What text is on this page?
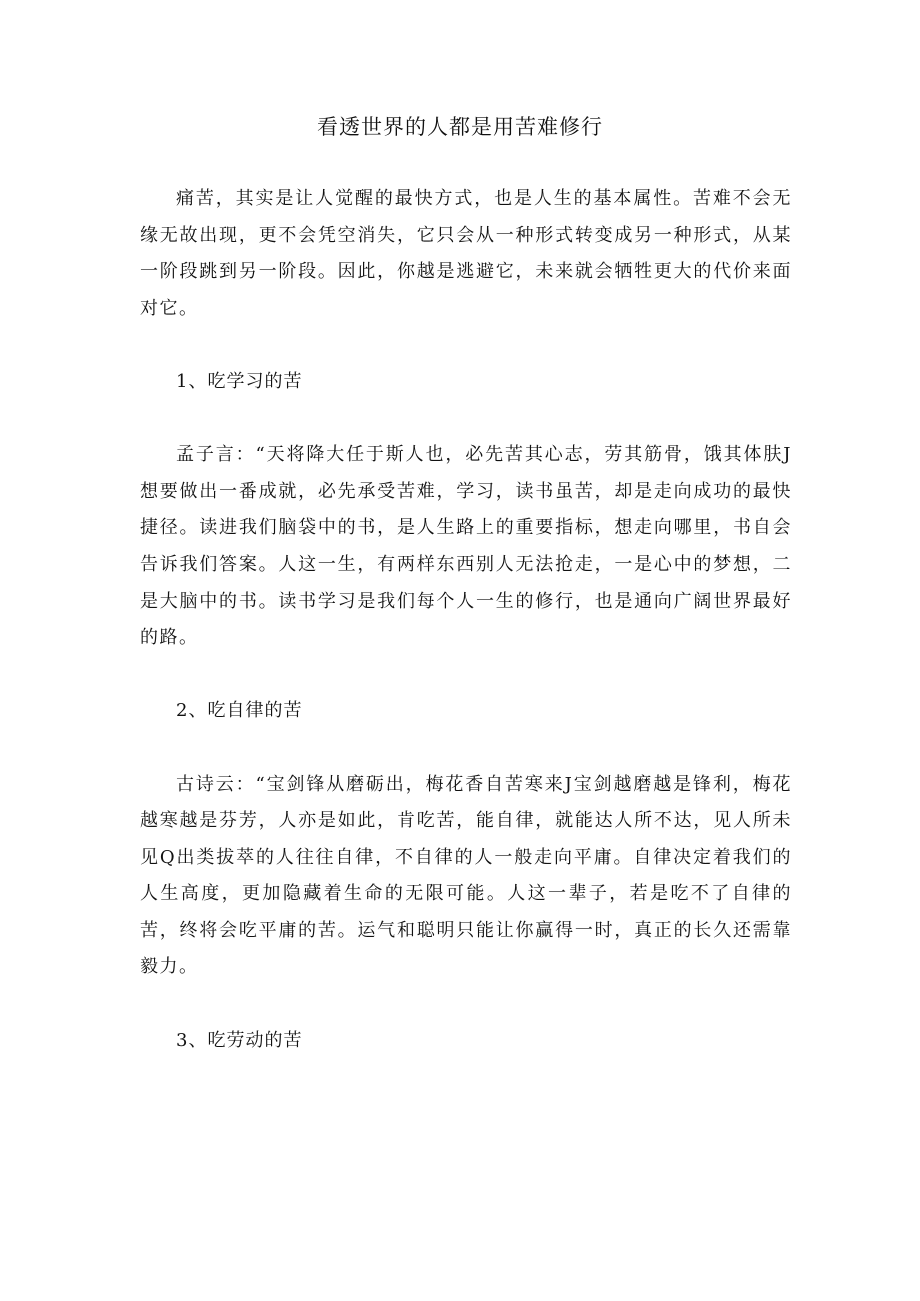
看透世界的人都是用苦难修行

痛苦，其实是让人觉醒的最快方式，也是人生的基本属性。苦难不会无缘无故出现，更不会凭空消失，它只会从一种形式转变成另一种形式，从某一阶段跳到另一阶段。因此，你越是逃避它，未来就会牺牲更大的代价来面对它。

1、吃学习的苦

孟子言：“天将降大任于斯人也，必先苦其心志，劳其筋骨，饿其体肤J想要做出一番成就，必先承受苦难，学习，读书虽苦，却是走向成功的最快捷径。读进我们脑袋中的书，是人生路上的重要指标，想走向哪里，书自会告诉我们答案。人这一生，有两样东西别人无法抢走，一是心中的梦想，二是大脑中的书。读书学习是我们每个人一生的修行，也是通向广阔世界最好的路。

2、吃自律的苦

古诗云：“宝剑锋从磨砺出，梅花香自苦寒来J宝剑越磨越是锋利，梅花越寒越是芬芳，人亦是如此，肯吃苦，能自律，就能达人所不达，见人所未见Q出类拔萃的人往往自律，不自律的人一般走向平庸。自律决定着我们的人生高度，更加隐藏着生命的无限可能。人这一辈子，若是吃不了自律的苦，终将会吃平庸的苦。运气和聪明只能让你赢得一时，真正的长久还需靠毅力。

3、吃劳动的苦
